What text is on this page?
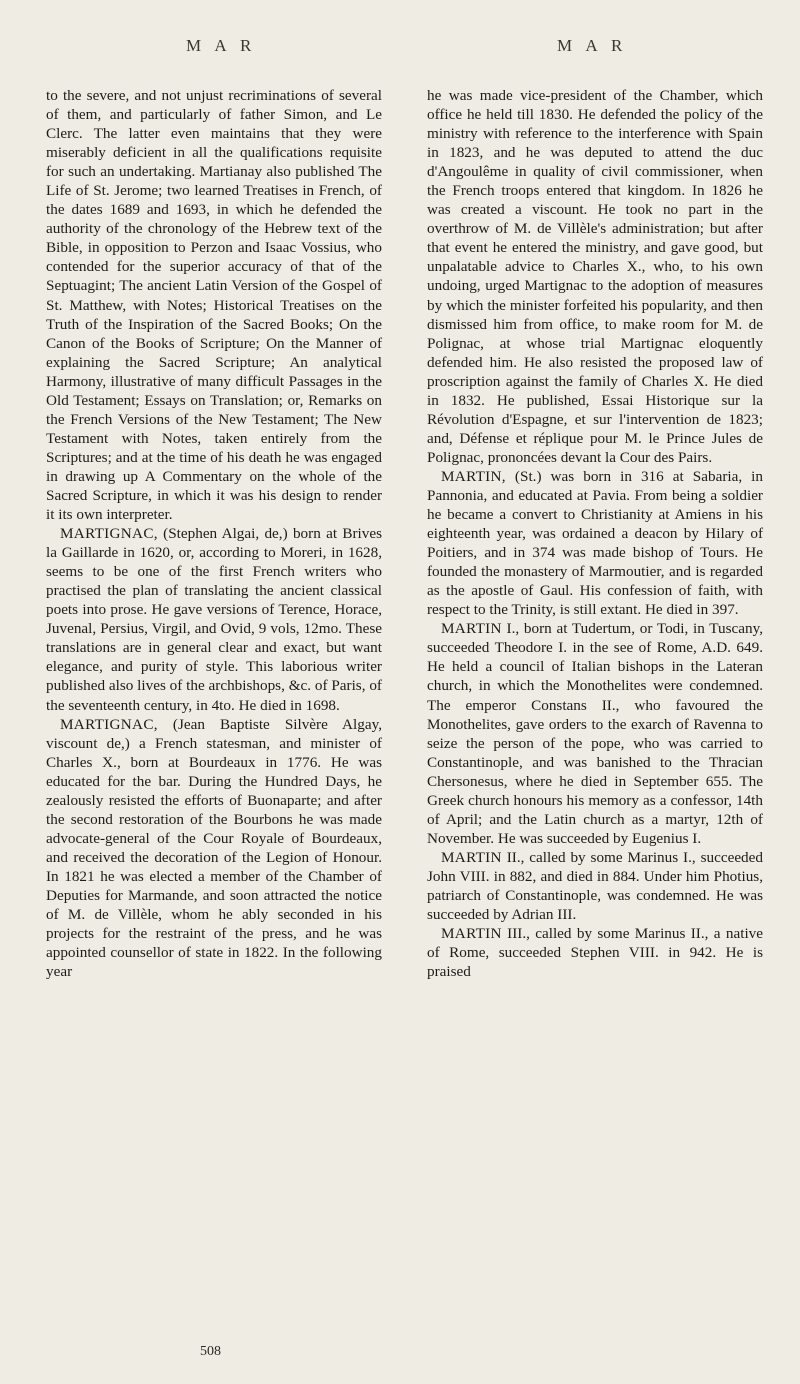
M A R	M A R

to the severe, and not unjust recriminations of several of them, and particularly of father Simon, and Le Clerc. The latter even maintains that they were miserably deficient in all the qualifications requisite for such an undertaking. Martianay also published The Life of St. Jerome; two learned Treatises in French, of the dates 1689 and 1693, in which he defended the authority of the chronology of the Hebrew text of the Bible, in opposition to Perzon and Isaac Vossius, who contended for the superior accuracy of that of the Septuagint; The ancient Latin Version of the Gospel of St. Matthew, with Notes; Historical Treatises on the Truth of the Inspiration of the Sacred Books; On the Canon of the Books of Scripture; On the Manner of explaining the Sacred Scripture; An analytical Harmony, illustrative of many difficult Passages in the Old Testament; Essays on Translation; or, Remarks on the French Versions of the New Testament; The New Testament with Notes, taken entirely from the Scriptures; and at the time of his death he was engaged in drawing up A Commentary on the whole of the Sacred Scripture, in which it was his design to render it its own interpreter.

MARTIGNAC, (Stephen Algai, de,) born at Brives la Gaillarde in 1620, or, according to Moreri, in 1628, seems to be one of the first French writers who practised the plan of translating the ancient classical poets into prose. He gave versions of Terence, Horace, Juvenal, Persius, Virgil, and Ovid, 9 vols, 12mo. These translations are in general clear and exact, but want elegance, and purity of style. This laborious writer published also lives of the archbishops, &c. of Paris, of the seventeenth century, in 4to. He died in 1698.

MARTIGNAC, (Jean Baptiste Silvère Algay, viscount de,) a French statesman, and minister of Charles X., born at Bourdeaux in 1776. He was educated for the bar. During the Hundred Days, he zealously resisted the efforts of Buonaparte; and after the second restoration of the Bourbons he was made advocate-general of the Cour Royale of Bourdeaux, and received the decoration of the Legion of Honour. In 1821 he was elected a member of the Chamber of Deputies for Marmande, and soon attracted the notice of M. de Villèle, whom he ably seconded in his projects for the restraint of the press, and he was appointed counsellor of state in 1822. In the following year

he was made vice-president of the Chamber, which office he held till 1830. He defended the policy of the ministry with reference to the interference with Spain in 1823, and he was deputed to attend the duc d'Angoulême in quality of civil commissioner, when the French troops entered that kingdom. In 1826 he was created a viscount. He took no part in the overthrow of M. de Villèle's administration; but after that event he entered the ministry, and gave good, but unpalatable advice to Charles X., who, to his own undoing, urged Martignac to the adoption of measures by which the minister forfeited his popularity, and then dismissed him from office, to make room for M. de Polignac, at whose trial Martignac eloquently defended him. He also resisted the proposed law of proscription against the family of Charles X. He died in 1832. He published, Essai Historique sur la Révolution d'Espagne, et sur l'intervention de 1823; and, Défense et réplique pour M. le Prince Jules de Polignac, prononcées devant la Cour des Pairs.

MARTIN, (St.) was born in 316 at Sabaria, in Pannonia, and educated at Pavia. From being a soldier he became a convert to Christianity at Amiens in his eighteenth year, was ordained a deacon by Hilary of Poitiers, and in 374 was made bishop of Tours. He founded the monastery of Marmoutier, and is regarded as the apostle of Gaul. His confession of faith, with respect to the Trinity, is still extant. He died in 397.

MARTIN I., born at Tudertum, or Todi, in Tuscany, succeeded Theodore I. in the see of Rome, A.D. 649. He held a council of Italian bishops in the Lateran church, in which the Monothelites were condemned. The emperor Constans II., who favoured the Monothelites, gave orders to the exarch of Ravenna to seize the person of the pope, who was carried to Constantinople, and was banished to the Thracian Chersonesus, where he died in September 655. The Greek church honours his memory as a confessor, 14th of April; and the Latin church as a martyr, 12th of November. He was succeeded by Eugenius I.

MARTIN II., called by some Marinus I., succeeded John VIII. in 882, and died in 884. Under him Photius, patriarch of Constantinople, was condemned. He was succeeded by Adrian III.

MARTIN III., called by some Marinus II., a native of Rome, succeeded Stephen VIII. in 942. He is praised

508
